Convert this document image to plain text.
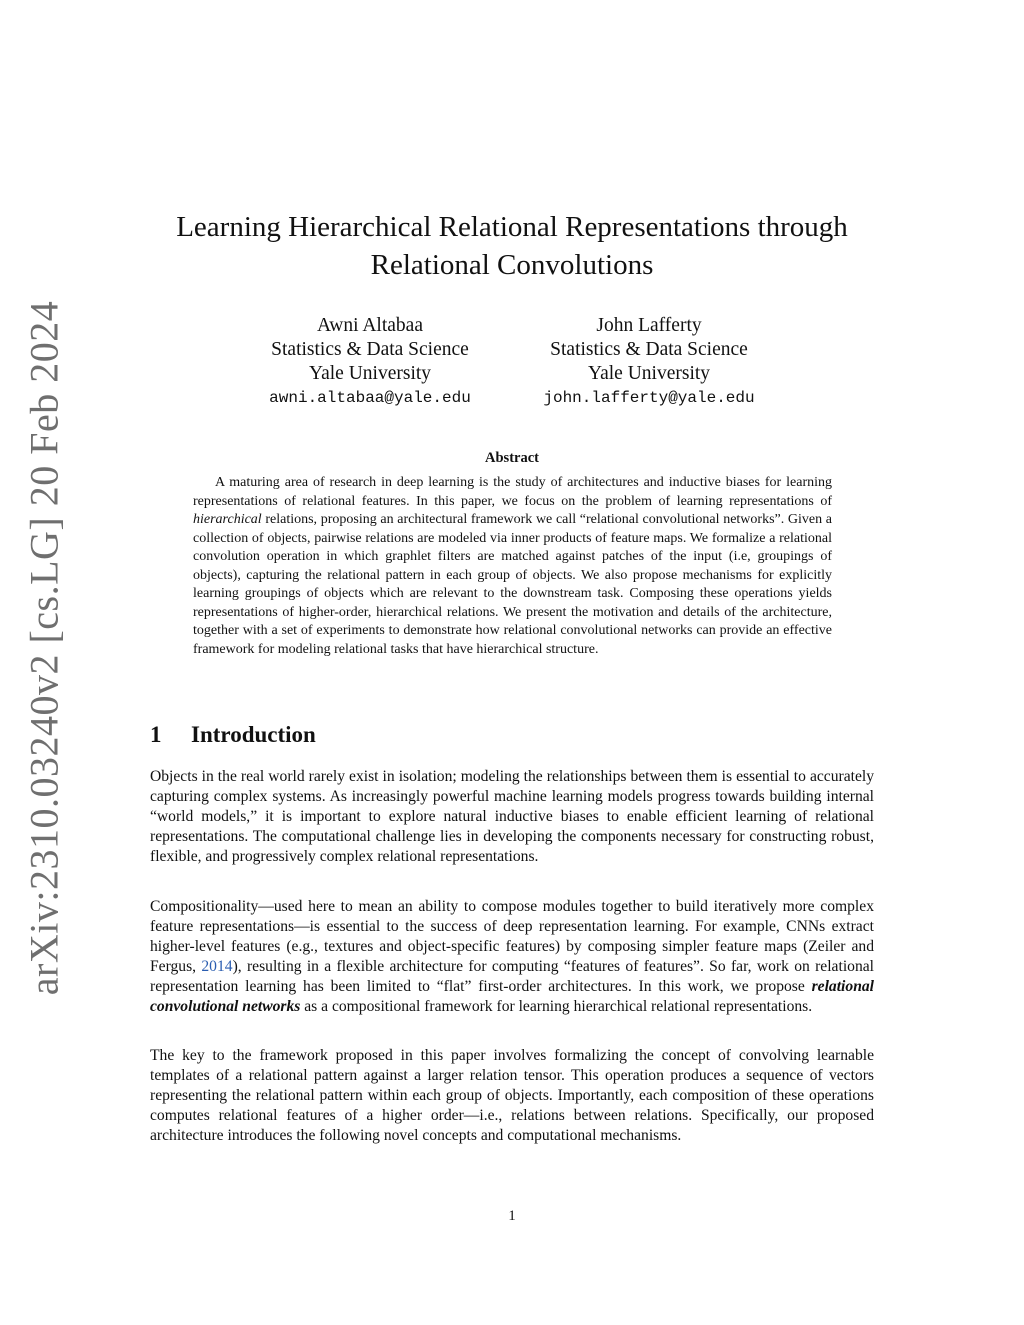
arXiv:2310.03240v2 [cs.LG] 20 Feb 2024
Learning Hierarchical Relational Representations through Relational Convolutions
Awni Altabaa
Statistics & Data Science
Yale University
awni.altabaa@yale.edu
John Lafferty
Statistics & Data Science
Yale University
john.lafferty@yale.edu
Abstract
A maturing area of research in deep learning is the study of architectures and inductive biases for learning representations of relational features. In this paper, we focus on the problem of learning representations of hierarchical relations, proposing an architectural framework we call “relational convolutional networks”. Given a collection of objects, pairwise relations are modeled via inner products of feature maps. We formalize a relational convolution operation in which graphlet filters are matched against patches of the input (i.e, groupings of objects), capturing the relational pattern in each group of objects. We also propose mechanisms for explicitly learning groupings of objects which are relevant to the downstream task. Composing these operations yields representations of higher-order, hierarchical relations. We present the motivation and details of the architecture, together with a set of experiments to demonstrate how relational convolutional networks can provide an effective framework for modeling relational tasks that have hierarchical structure.
1 Introduction
Objects in the real world rarely exist in isolation; modeling the relationships between them is essential to accurately capturing complex systems. As increasingly powerful machine learning models progress towards building internal “world models,” it is important to explore natural inductive biases to enable efficient learning of relational representations. The computational challenge lies in developing the components necessary for constructing robust, flexible, and progressively complex relational representations.
Compositionality—used here to mean an ability to compose modules together to build iteratively more complex feature representations—is essential to the success of deep representation learning. For example, CNNs extract higher-level features (e.g., textures and object-specific features) by composing simpler feature maps (Zeiler and Fergus, 2014), resulting in a flexible architecture for computing “features of features”. So far, work on relational representation learning has been limited to “flat” first-order architectures. In this work, we propose relational convolutional networks as a compositional framework for learning hierarchical relational representations.
The key to the framework proposed in this paper involves formalizing the concept of convolving learnable templates of a relational pattern against a larger relation tensor. This operation produces a sequence of vectors representing the relational pattern within each group of objects. Importantly, each composition of these operations computes relational features of a higher order—i.e., relations between relations. Specifically, our proposed architecture introduces the following novel concepts and computational mechanisms.
1
